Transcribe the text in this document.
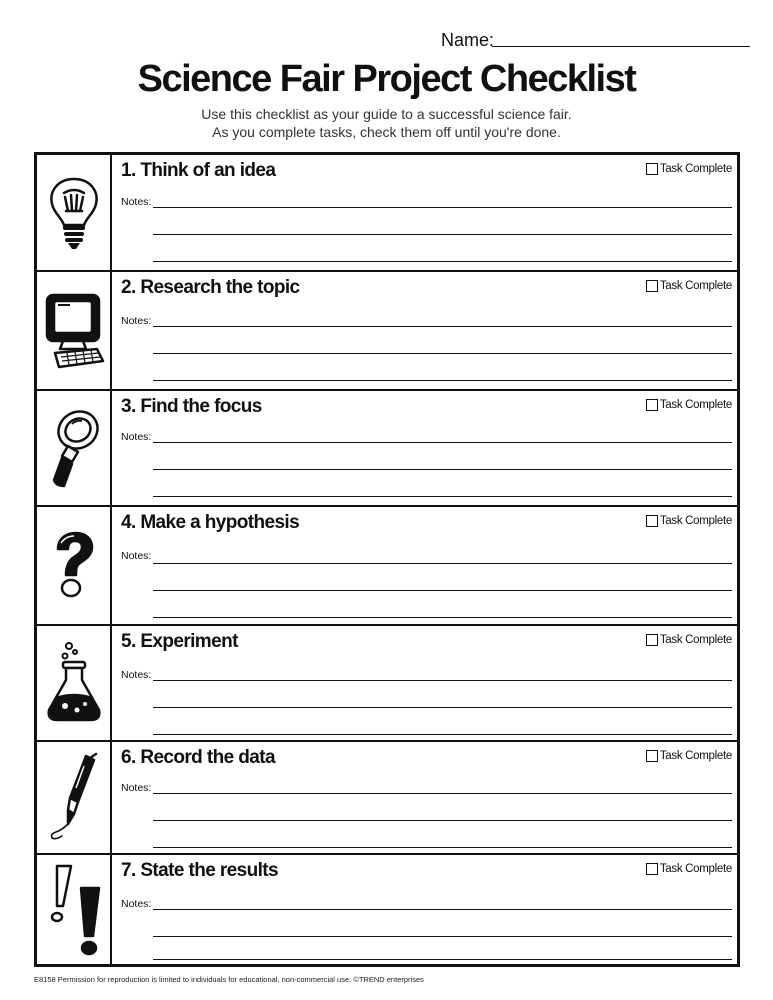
Name:
Science Fair Project Checklist
Use this checklist as your guide to a successful science fair.
As you complete tasks, check them off until you're done.
1. Think of an idea	Task Complete
Notes:
2. Research the topic	Task Complete
Notes:
3. Find the focus	Task Complete
Notes:
4. Make a hypothesis	Task Complete
Notes:
5. Experiment	Task Complete
Notes:
6. Record the data	Task Complete
Notes:
7. State the results	Task Complete
Notes:
E8158 Permission for reproduction is limited to individuals for educational, non-commercial use. ©TREND enterprises
